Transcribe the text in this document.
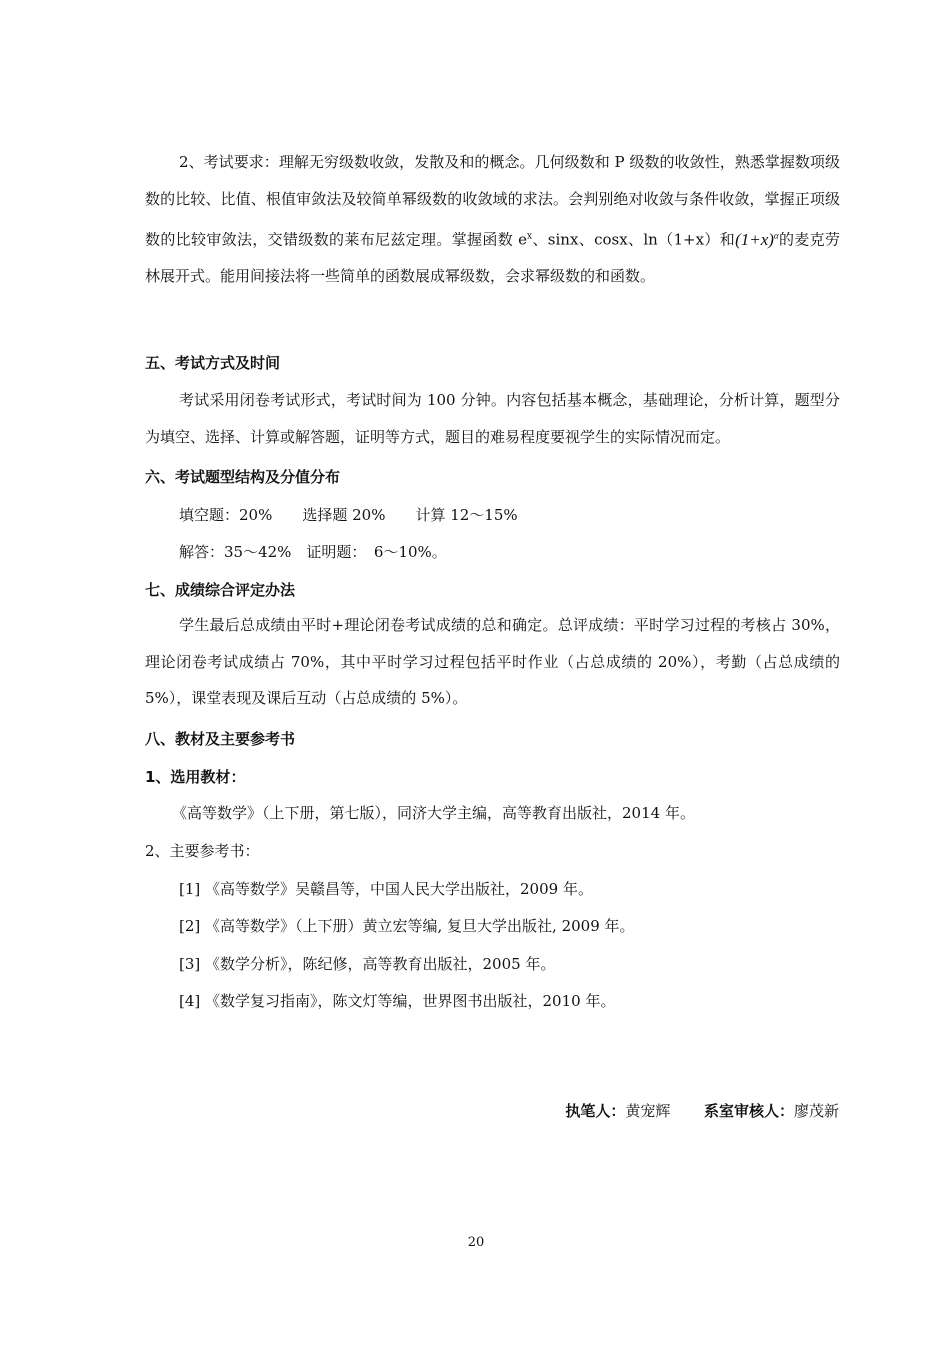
2、考试要求：理解无穷级数收敛，发散及和的概念。几何级数和 P 级数的收敛性，熟悉掌握数项级数的比较、比值、根值审敛法及较简单幂级数的收敛域的求法。会判别绝对收敛与条件收敛，掌握正项级数的比较审敛法，交错级数的莱布尼兹定理。掌握函数 $e^x$、sinx、cosx、ln（1+x）和$(1+x)^\alpha$的麦克劳林展开式。能用间接法将一些简单的函数展成幂级数，会求幂级数的和函数。

五、考试方式及时间

考试采用闭卷考试形式，考试时间为 100 分钟。内容包括基本概念，基础理论，分析计算，题型分为填空、选择、计算或解答题，证明等方式，题目的难易程度要视学生的实际情况而定。

六、考试题型结构及分值分布

填空题：20%　　选择题 20%　　计算 12～15%

解答：35～42%　证明题：　6～10%。

七、成绩综合评定办法

学生最后总成绩由平时+理论闭卷考试成绩的总和确定。总评成绩：平时学习过程的考核占 30%，理论闭卷考试成绩占 70%，其中平时学习过程包括平时作业（占总成绩的 20%），考勤（占总成绩的 5%），课堂表现及课后互动（占总成绩的 5%）。

八、教材及主要参考书

1、选用教材：

《高等数学》（上下册，第七版），同济大学主编，高等教育出版社，2014 年。

2、主要参考书：

[1] 《高等数学》吴赣昌等，中国人民大学出版社，2009 年。

[2] 《高等数学》（上下册）黄立宏等编, 复旦大学出版社, 2009 年。

[3] 《数学分析》，陈纪修，高等教育出版社，2005 年。

[4] 《数学复习指南》，陈文灯等编，世界图书出版社，2010 年。

执笔人：黄宠辉 系室审核人：廖茂新
20
